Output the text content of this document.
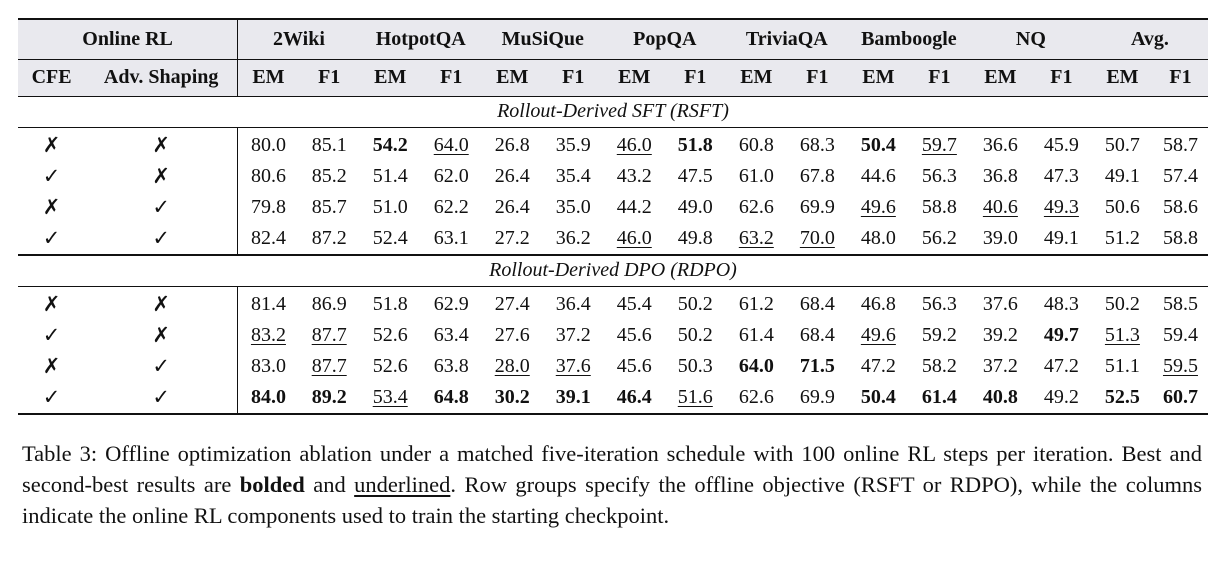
Online RL		2Wiki		HotpotQA		MuSiQue		PopQA		TriviaQA		Bamboogle		NQ		Avg.	
CFE	Adv. Shaping	EM	F1	EM	F1	EM	F1	EM	F1	EM	F1	EM	F1	EM	F1	EM	F1
Rollout-Derived SFT (RSFT)																	
✗	✗	80.0	85.1	54.2	64.0	26.8	35.9	46.0	51.8	60.8	68.3	50.4	59.7	36.6	45.9	50.7	58.7
✓	✗	80.6	85.2	51.4	62.0	26.4	35.4	43.2	47.5	61.0	67.8	44.6	56.3	36.8	47.3	49.1	57.4
✗	✓	79.8	85.7	51.0	62.2	26.4	35.0	44.2	49.0	62.6	69.9	49.6	58.8	40.6	49.3	50.6	58.6
✓	✓	82.4	87.2	52.4	63.1	27.2	36.2	46.0	49.8	63.2	70.0	48.0	56.2	39.0	49.1	51.2	58.8
Rollout-Derived DPO (RDPO)																	
✗	✗	81.4	86.9	51.8	62.9	27.4	36.4	45.4	50.2	61.2	68.4	46.8	56.3	37.6	48.3	50.2	58.5
✓	✗	83.2	87.7	52.6	63.4	27.6	37.2	45.6	50.2	61.4	68.4	49.6	59.2	39.2	49.7	51.3	59.4
✗	✓	83.0	87.7	52.6	63.8	28.0	37.6	45.6	50.3	64.0	71.5	47.2	58.2	37.2	47.2	51.1	59.5
✓	✓	84.0	89.2	53.4	64.8	30.2	39.1	46.4	51.6	62.6	69.9	50.4	61.4	40.8	49.2	52.5	60.7
Table 3: Offline optimization ablation under a matched five-iteration schedule with 100 online RL steps per iteration. Best and second-best results are bolded and underlined. Row groups specify the offline objective (RSFT or RDPO), while the columns indicate the online RL components used to train the starting checkpoint.
